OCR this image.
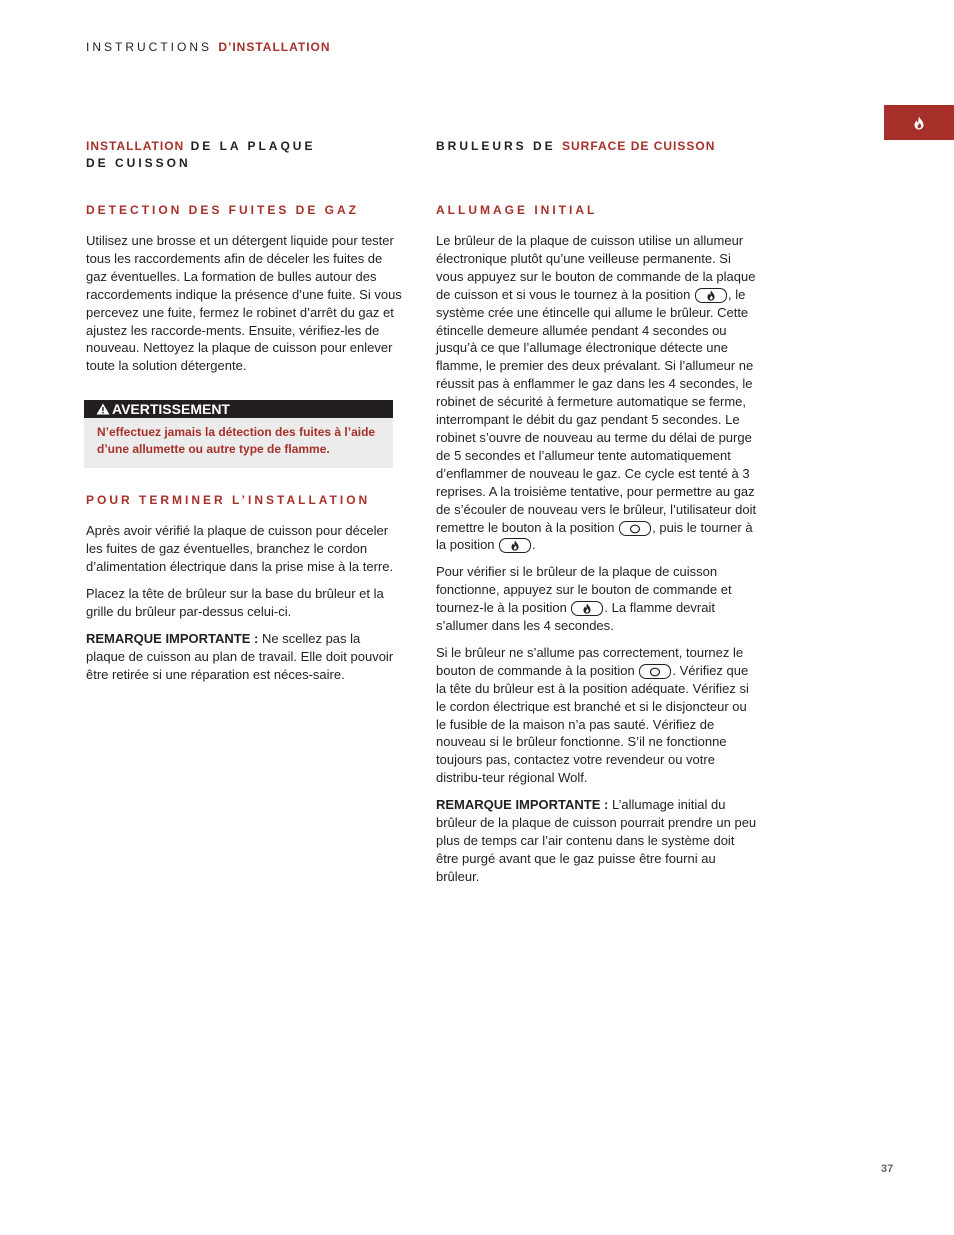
INSTRUCTIONS D’INSTALLATION
INSTALLATION DE LA PLAQUE
DE CUISSON
DETECTION DES FUITES DE GAZ

Utilisez une brosse et un détergent liquide pour tester tous les raccordements afin de déceler les fuites de gaz éventuelles. La formation de bulles autour des raccordements indique la présence d’une fuite. Si vous percevez une fuite, fermez le robinet d’arrêt du gaz et ajustez les raccorde-ments. Ensuite, vérifiez-les de nouveau. Nettoyez la plaque de cuisson pour enlever toute la solution détergente.

AVERTISSEMENT
N’effectuez jamais la détection des fuites à l’aide d’une allumette ou autre type de flamme.
POUR TERMINER L’INSTALLATION

Après avoir vérifié la plaque de cuisson pour déceler les fuites de gaz éventuelles, branchez le cordon d’alimentation électrique dans la prise mise à la terre.

Placez la tête de brûleur sur la base du brûleur et la grille du brûleur par-dessus celui-ci.

REMARQUE IMPORTANTE : Ne scellez pas la plaque de cuisson au plan de travail. Elle doit pouvoir être retirée si une réparation est néces-saire.

BRULEURS DE SURFACE DE CUISSON
ALLUMAGE INITIAL

Le brûleur de la plaque de cuisson utilise un allumeur électronique plutôt qu’une veilleuse permanente. Si vous appuyez sur le bouton de commande de la plaque de cuisson et si vous le tournez à la position	, le système crée une étincelle qui allume le brûleur. Cette étincelle demeure allumée pendant 4 secondes ou jusqu’à ce que l’allumage électronique détecte une flamme, le premier des deux prévalant. Si l’allumeur ne réussit pas à enflammer le gaz dans les 4 secondes, le robinet de sécurité à fermeture automatique se ferme, interrompant le débit du gaz pendant 5 secondes. Le robinet s’ouvre de nouveau au terme du délai de purge de 5 secondes et l’allumeur tente automatiquement d’enflammer de nouveau le gaz. Ce cycle est tenté à 3 reprises. A la troisième tentative, pour permettre au gaz de s’écouler de nouveau vers le brûleur, l’utilisateur doit remettre le bouton à la position	, puis le tourner à la position	.

Pour vérifier si le brûleur de la plaque de cuisson fonctionne, appuyez sur le bouton de commande et tournez-le à la position	. La flamme devrait s’allumer dans les 4 secondes.

Si le brûleur ne s’allume pas correctement, tournez le bouton de commande à la position	. Vérifiez que la tête du brûleur est à la position adéquate. Vérifiez si le cordon électrique est branché et si le disjoncteur ou le fusible de la maison n’a pas sauté. Vérifiez de nouveau si le brûleur fonctionne. S’il ne fonctionne toujours pas, contactez votre revendeur ou votre distribu-teur régional Wolf.

REMARQUE IMPORTANTE : L’allumage initial du brûleur de la plaque de cuisson pourrait prendre un peu plus de temps car l’air contenu dans le système doit être purgé avant que le gaz puisse être fourni au brûleur.

37
